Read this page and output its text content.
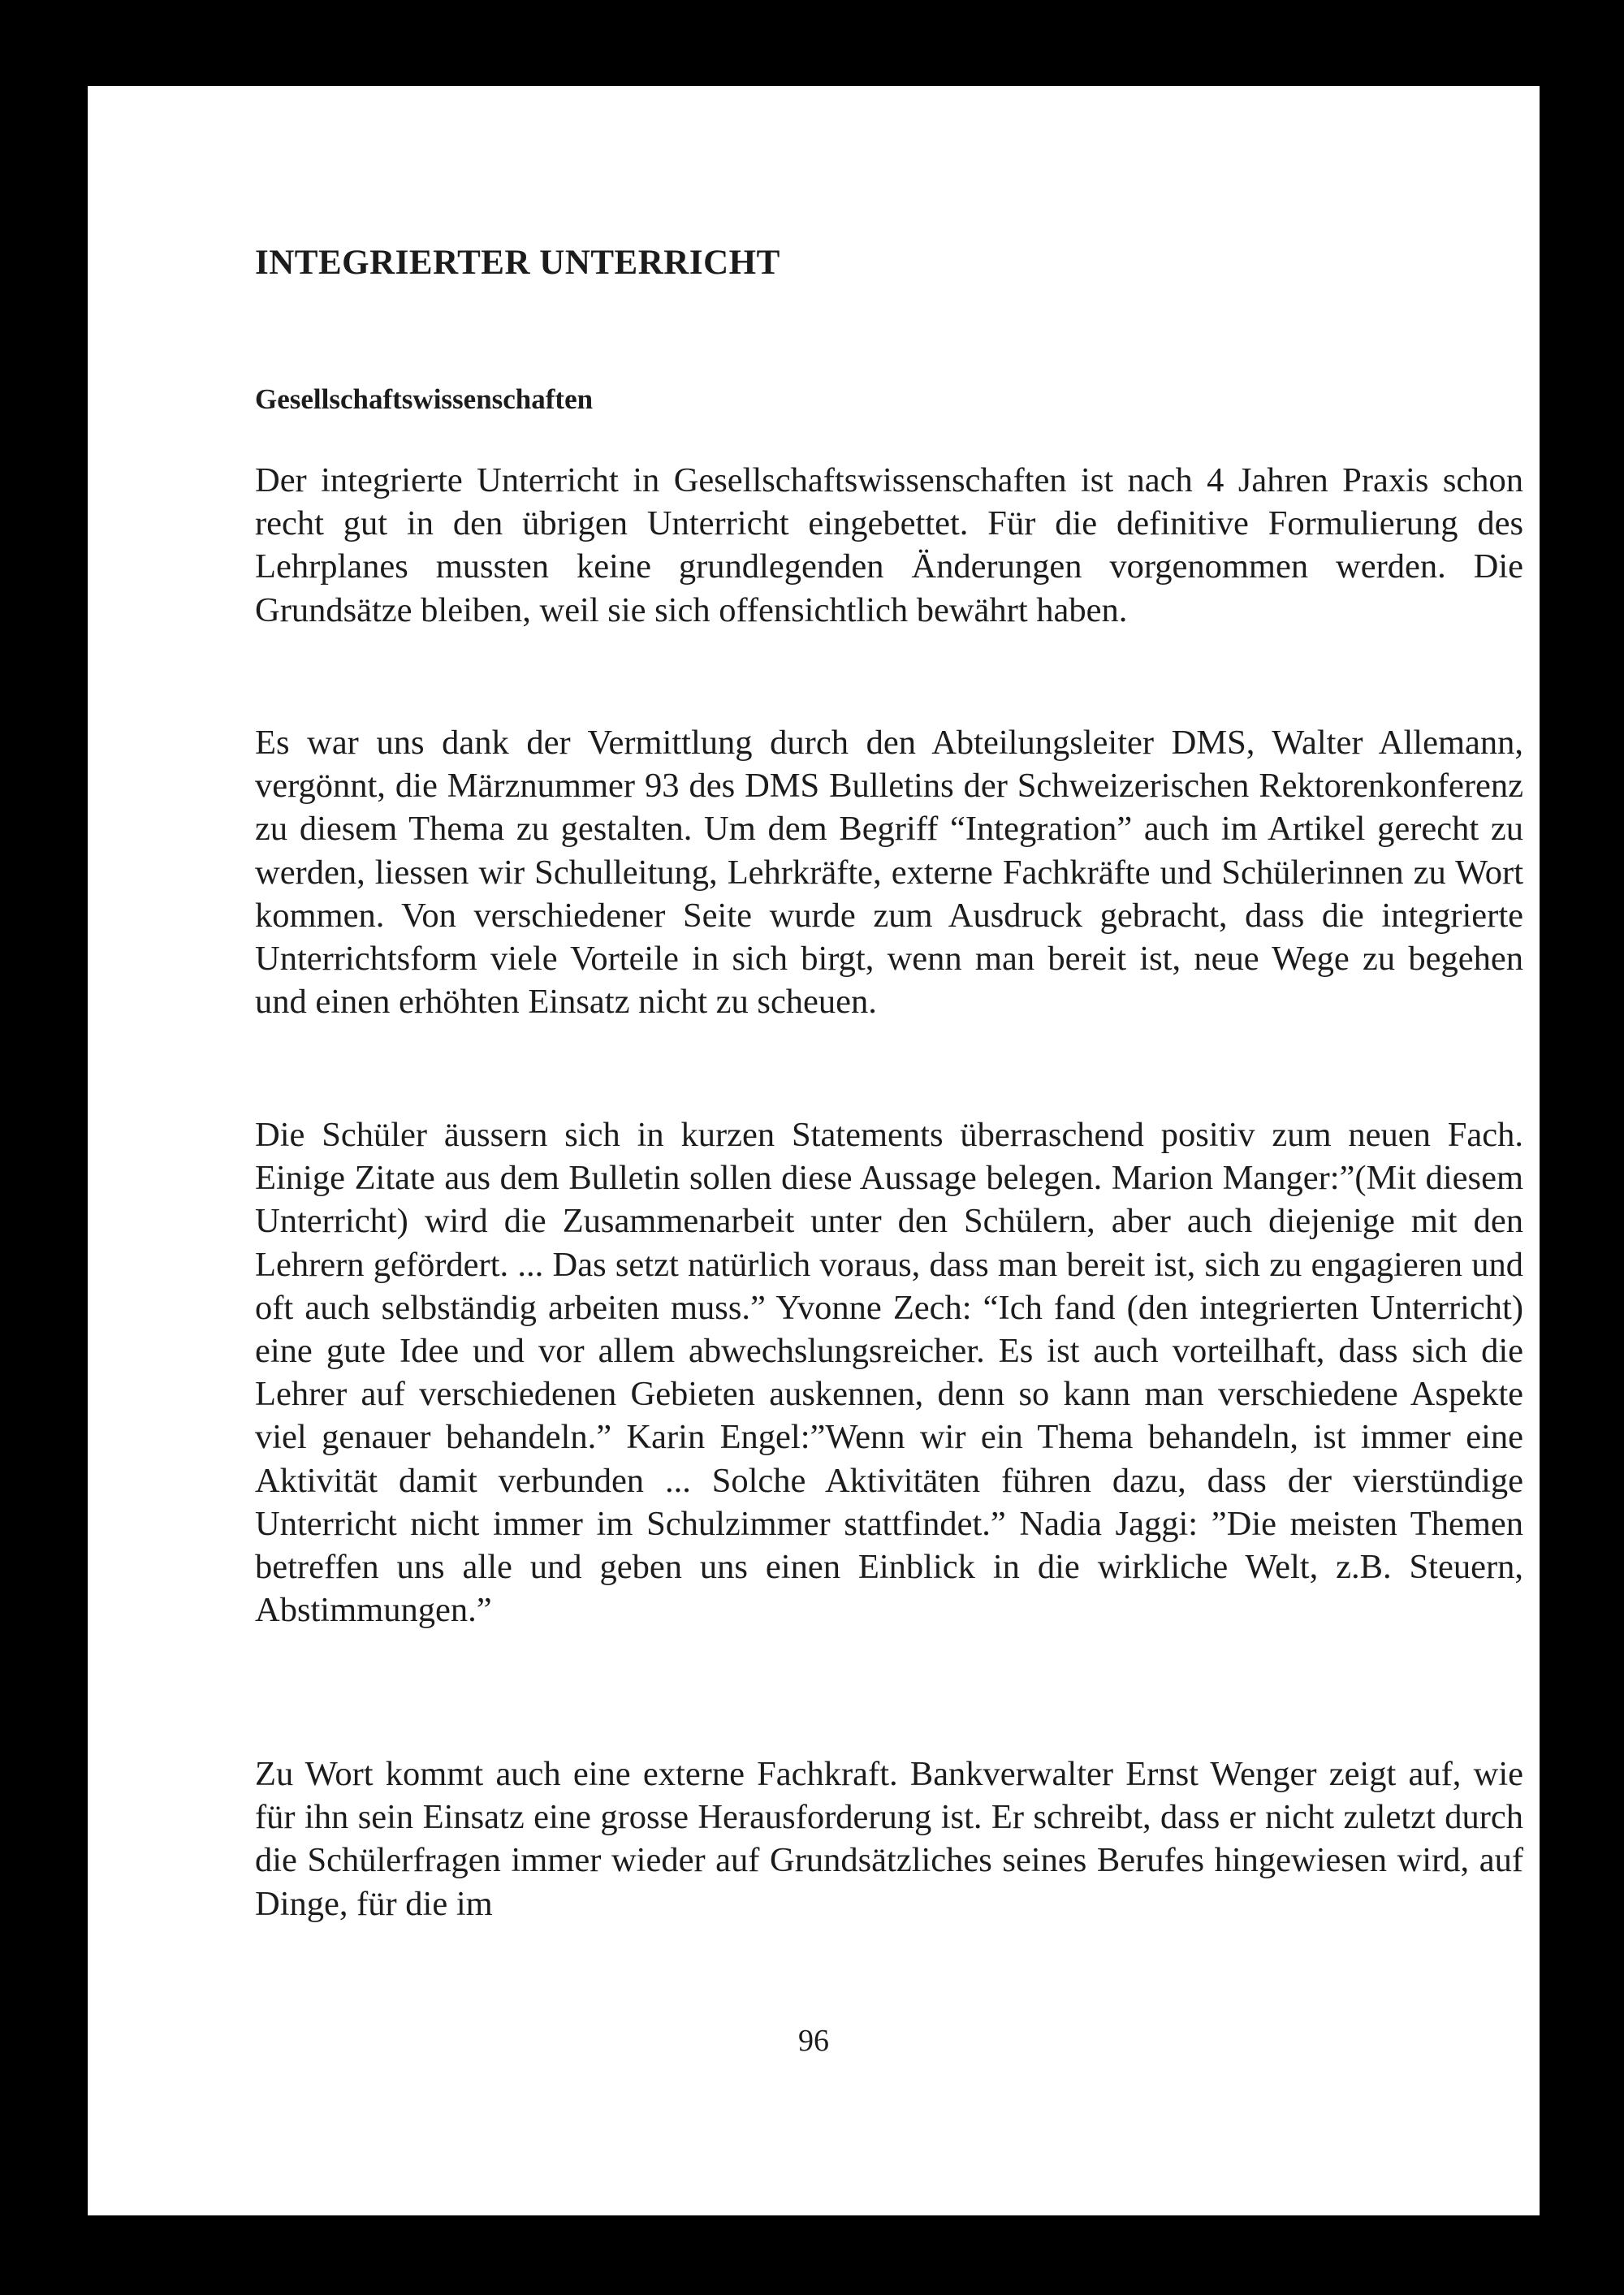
INTEGRIERTER UNTERRICHT
Gesellschaftswissenschaften

Der integrierte Unterricht in Gesellschaftswissenschaften ist nach 4 Jahren Praxis schon recht gut in den übrigen Unterricht eingebettet. Für die definitive Formulierung des Lehrplanes mussten keine grundlegenden Änderungen vorgenommen werden. Die Grundsätze bleiben, weil sie sich offensichtlich bewährt haben.

Es war uns dank der Vermittlung durch den Abteilungsleiter DMS, Walter Allemann, vergönnt, die Märznummer 93 des DMS Bulletins der Schweizerischen Rektorenkonferenz zu diesem Thema zu gestalten. Um dem Begriff “Integration” auch im Artikel gerecht zu werden, liessen wir Schulleitung, Lehrkräfte, externe Fachkräfte und Schülerinnen zu Wort kommen. Von verschiedener Seite wurde zum Ausdruck gebracht, dass die integrierte Unterrichtsform viele Vorteile in sich birgt, wenn man bereit ist, neue Wege zu begehen und einen erhöhten Einsatz nicht zu scheuen.

Die Schüler äussern sich in kurzen Statements überraschend positiv zum neuen Fach. Einige Zitate aus dem Bulletin sollen diese Aussage belegen. Marion Manger:”(Mit diesem Unterricht) wird die Zusammenarbeit unter den Schülern, aber auch diejenige mit den Lehrern gefördert. ... Das setzt natürlich voraus, dass man bereit ist, sich zu engagieren und oft auch selbständig arbeiten muss.” Yvonne Zech: “Ich fand (den integrierten Unterricht) eine gute Idee und vor allem abwechslungsreicher. Es ist auch vorteilhaft, dass sich die Lehrer auf verschiedenen Gebieten auskennen, denn so kann man verschiedene Aspekte viel genauer behandeln.” Karin Engel:”Wenn wir ein Thema behandeln, ist immer eine Aktivität damit verbunden ... Solche Aktivitäten führen dazu, dass der vierstündige Unterricht nicht immer im Schulzimmer stattfindet.” Nadia Jaggi: ”Die meisten Themen betreffen uns alle und geben uns einen Einblick in die wirkliche Welt, z.B. Steuern, Abstimmungen.”

Zu Wort kommt auch eine externe Fachkraft. Bankverwalter Ernst Wenger zeigt auf, wie für ihn sein Einsatz eine grosse Herausforderung ist. Er schreibt, dass er nicht zuletzt durch die Schülerfragen immer wieder auf Grundsätzliches seines Berufes hingewiesen wird, auf Dinge, für die im

96
